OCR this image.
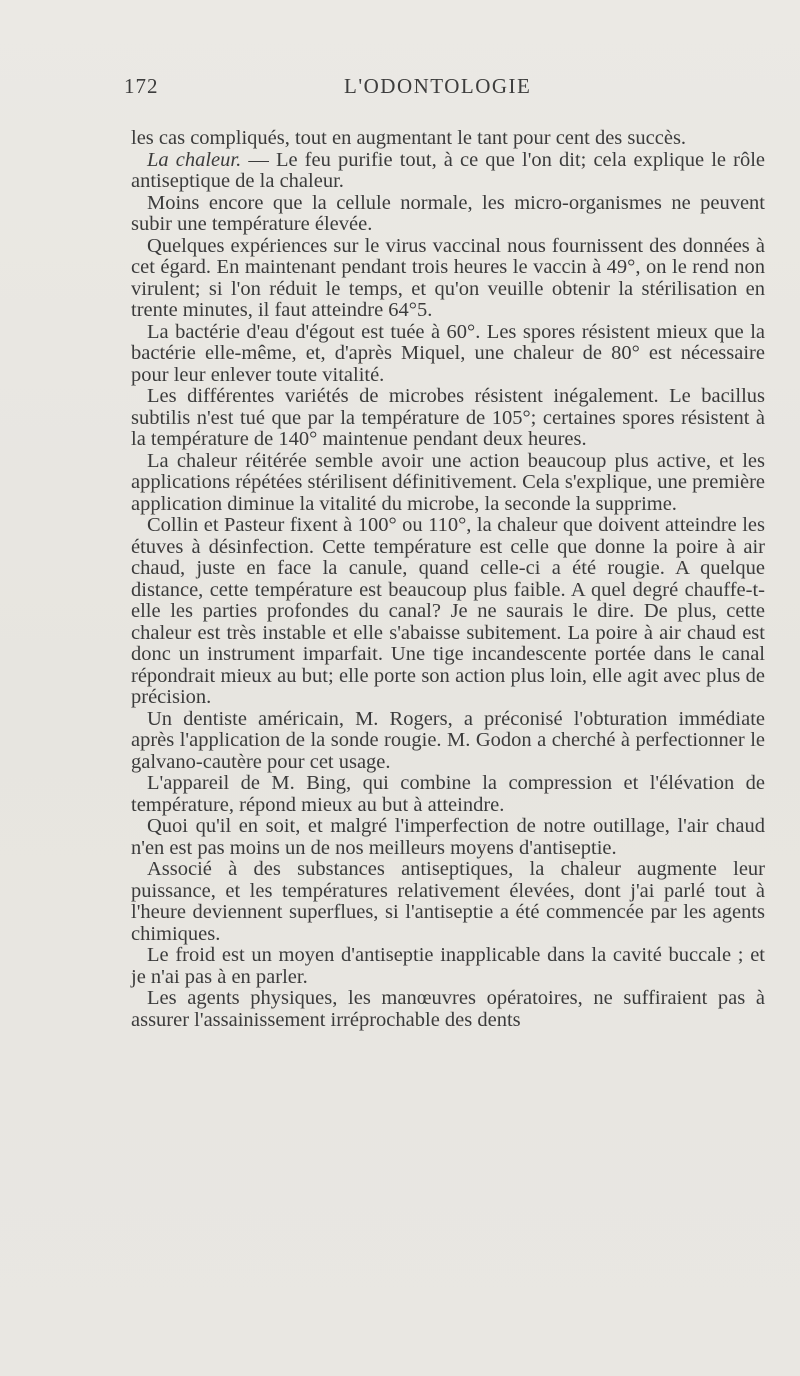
172	L'ODONTOLOGIE

les cas compliqués, tout en augmentant le tant pour cent des succès.

La chaleur. — Le feu purifie tout, à ce que l'on dit; cela explique le rôle antiseptique de la chaleur.

Moins encore que la cellule normale, les micro-organismes ne peuvent subir une température élevée.

Quelques expériences sur le virus vaccinal nous fournissent des données à cet égard. En maintenant pendant trois heures le vaccin à 49°, on le rend non virulent; si l'on réduit le temps, et qu'on veuille obtenir la stérilisation en trente minutes, il faut atteindre 64°5.

La bactérie d'eau d'égout est tuée à 60°. Les spores résistent mieux que la bactérie elle-même, et, d'après Miquel, une chaleur de 80° est nécessaire pour leur enlever toute vitalité.

Les différentes variétés de microbes résistent inégalement. Le bacillus subtilis n'est tué que par la température de 105°; certaines spores résistent à la température de 140° maintenue pendant deux heures.

La chaleur réitérée semble avoir une action beaucoup plus active, et les applications répétées stérilisent définitivement. Cela s'explique, une première application diminue la vitalité du microbe, la seconde la supprime.

Collin et Pasteur fixent à 100° ou 110°, la chaleur que doivent atteindre les étuves à désinfection. Cette température est celle que donne la poire à air chaud, juste en face la canule, quand celle-ci a été rougie. A quelque distance, cette température est beaucoup plus faible. A quel degré chauffe-t-elle les parties profondes du canal? Je ne saurais le dire. De plus, cette chaleur est très instable et elle s'abaisse subitement. La poire à air chaud est donc un instrument imparfait. Une tige incandescente portée dans le canal répondrait mieux au but; elle porte son action plus loin, elle agit avec plus de précision.

Un dentiste américain, M. Rogers, a préconisé l'obturation immédiate après l'application de la sonde rougie. M. Godon a cherché à perfectionner le galvano-cautère pour cet usage.

L'appareil de M. Bing, qui combine la compression et l'élévation de température, répond mieux au but à atteindre.

Quoi qu'il en soit, et malgré l'imperfection de notre outillage, l'air chaud n'en est pas moins un de nos meilleurs moyens d'antiseptie.

Associé à des substances antiseptiques, la chaleur augmente leur puissance, et les températures relativement élevées, dont j'ai parlé tout à l'heure deviennent superflues, si l'antiseptie a été commencée par les agents chimiques.

Le froid est un moyen d'antiseptie inapplicable dans la cavité buccale ; et je n'ai pas à en parler.

Les agents physiques, les manœuvres opératoires, ne suffiraient pas à assurer l'assainissement irréprochable des dents
